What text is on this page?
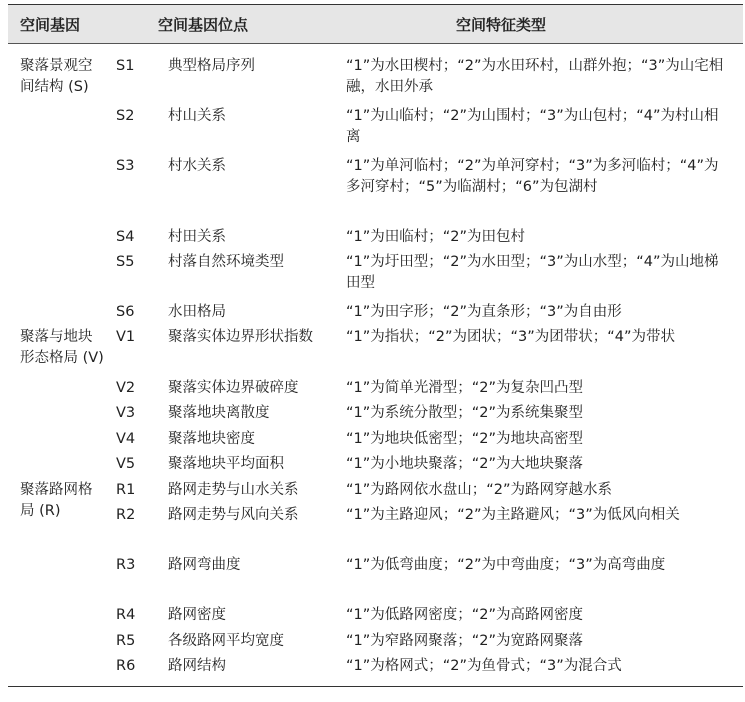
空间基因	空间基因位点	空间特征类型
聚落景观空间结构 (S)
聚落与地块形态格局 (V)
聚落路网格局 (R)
S1	典型格局序列	“1”为水田楔村；“2”为水田环村，山群外抱；“3”为山宅相融，水田外承
S2	村山关系	“1”为山临村；“2”为山围村；“3”为山包村；“4”为村山相离
S3	村水关系	“1”为单河临村；“2”为单河穿村；“3”为多河临村；“4”为多河穿村；“5”为临湖村；“6”为包湖村
S4	村田关系	“1”为田临村；“2”为田包村
S5	村落自然环境类型	“1”为圩田型；“2”为水田型；“3”为山水型；“4”为山地梯田型
S6	水田格局	“1”为田字形；“2”为直条形；“3”为自由形
V1	聚落实体边界形状指数	“1”为指状；“2”为团状；“3”为团带状；“4”为带状
V2	聚落实体边界破碎度	“1”为简单光滑型；“2”为复杂凹凸型
V3	聚落地块离散度	“1”为系统分散型；“2”为系统集聚型
V4	聚落地块密度	“1”为地块低密型；“2”为地块高密型
V5	聚落地块平均面积	“1”为小地块聚落；“2”为大地块聚落
R1	路网走势与山水关系	“1”为路网依水盘山；“2”为路网穿越水系
R2	路网走势与风向关系	“1”为主路迎风；“2”为主路避风；“3”为低风向相关
R3	路网弯曲度	“1”为低弯曲度；“2”为中弯曲度；“3”为高弯曲度
R4	路网密度	“1”为低路网密度；“2”为高路网密度
R5	各级路网平均宽度	“1”为窄路网聚落；“2”为宽路网聚落
R6	路网结构	“1”为格网式；“2”为鱼骨式；“3”为混合式
